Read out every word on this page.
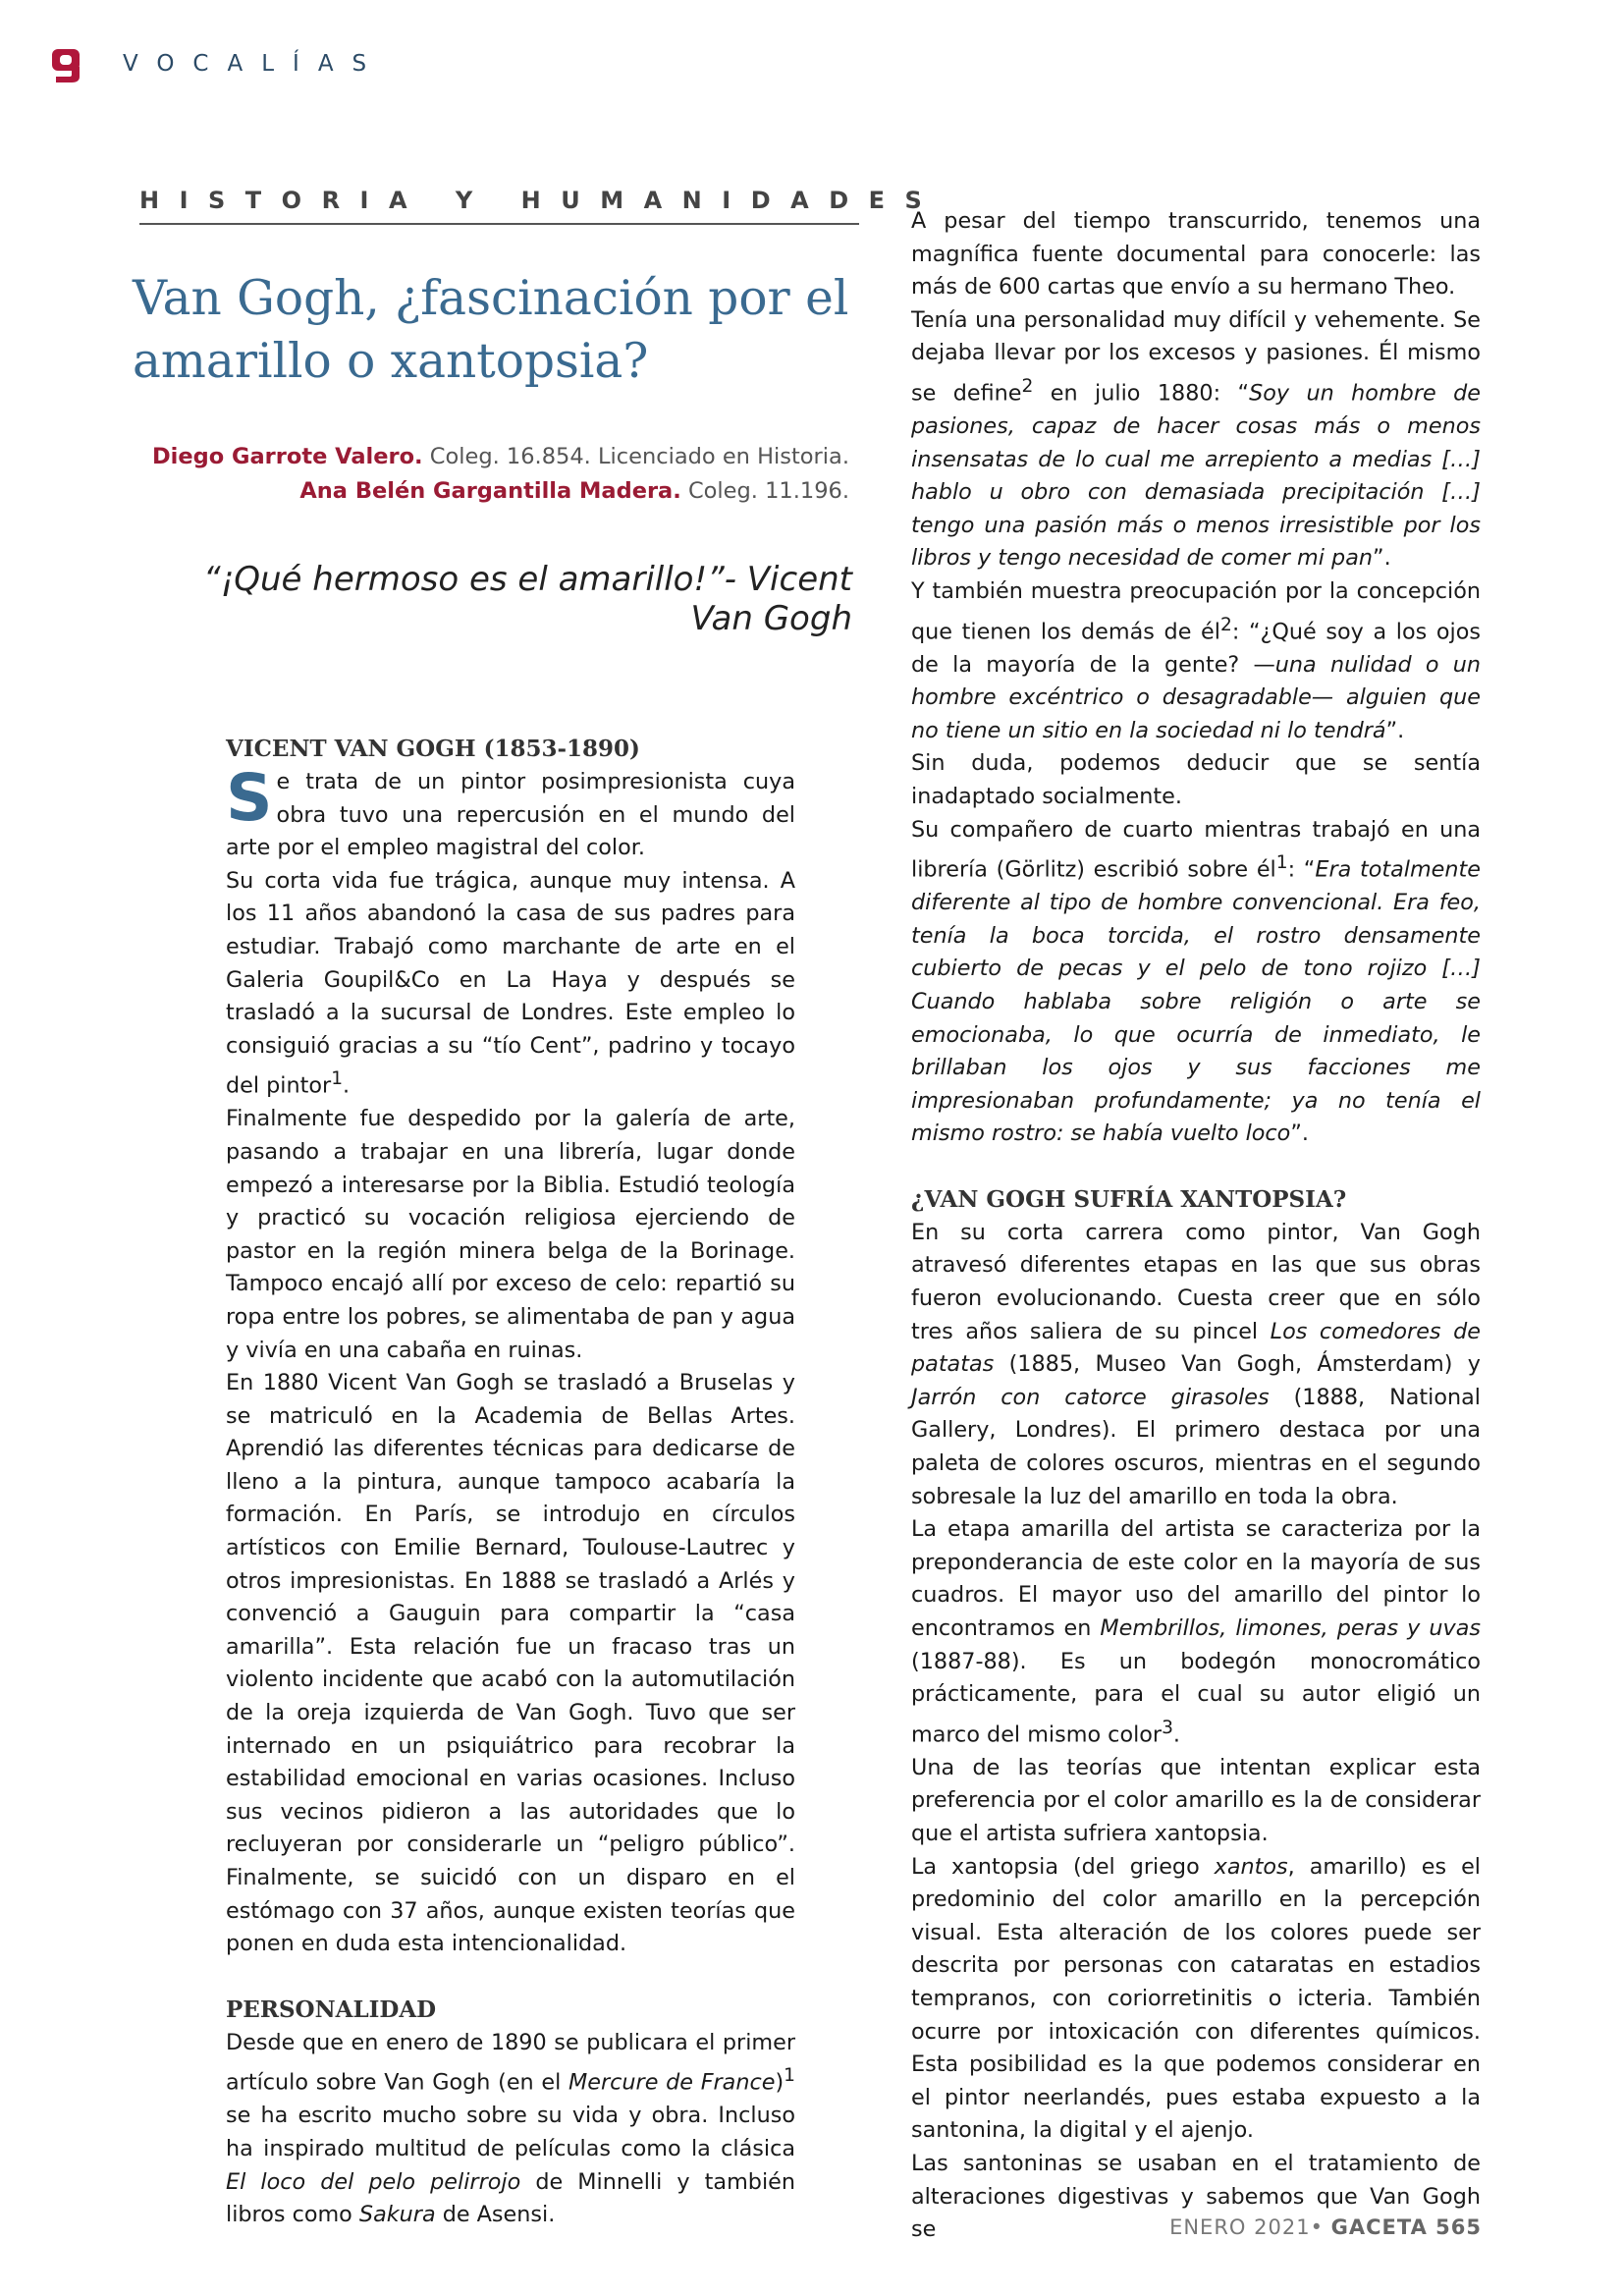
VOCALÍAS
HISTORIA Y HUMANIDADES
Van Gogh, ¿fascinación por el amarillo o xantopsia?
Diego Garrote Valero. Coleg. 16.854. Licenciado en Historia.
Ana Belén Gargantilla Madera. Coleg. 11.196.
“¡Qué hermoso es el amarillo!”- Vicent Van Gogh
VICENT VAN GOGH (1853-1890)

Se trata de un pintor posimpresionista cuya obra tuvo una repercusión en el mundo del arte por el empleo magistral del color.

Su corta vida fue trágica, aunque muy intensa. A los 11 años abandonó la casa de sus padres para estudiar. Trabajó como marchante de arte en el Galeria Goupil&Co en La Haya y después se trasladó a la sucursal de Londres. Este empleo lo consiguió gracias a su “tío Cent”, padrino y tocayo del pintor$^1$.

Finalmente fue despedido por la galería de arte, pasando a trabajar en una librería, lugar donde empezó a interesarse por la Biblia. Estudió teología y practicó su vocación religiosa ejerciendo de pastor en la región minera belga de la Borinage. Tampoco encajó allí por exceso de celo: repartió su ropa entre los pobres, se alimentaba de pan y agua y vivía en una cabaña en ruinas.

En 1880 Vicent Van Gogh se trasladó a Bruselas y se matriculó en la Academia de Bellas Artes. Aprendió las diferentes técnicas para dedicarse de lleno a la pintura, aunque tampoco acabaría la formación. En París, se introdujo en círculos artísticos con Emilie Bernard, Toulouse-Lautrec y otros impresionistas. En 1888 se trasladó a Arlés y convenció a Gauguin para compartir la “casa amarilla”. Esta relación fue un fracaso tras un violento incidente que acabó con la automutilación de la oreja izquierda de Van Gogh. Tuvo que ser internado en un psiquiátrico para recobrar la estabilidad emocional en varias ocasiones. Incluso sus vecinos pidieron a las autoridades que lo recluyeran por considerarle un “peligro público”. Finalmente, se suicidó con un disparo en el estómago con 37 años, aunque existen teorías que ponen en duda esta intencionalidad.

PERSONALIDAD

Desde que en enero de 1890 se publicara el primer artículo sobre Van Gogh (en el Mercure de France)$^1$ se ha escrito mucho sobre su vida y obra. Incluso ha inspirado multitud de películas como la clásica El loco del pelo pelirrojo de Minnelli y también libros como Sakura de Asensi.

A pesar del tiempo transcurrido, tenemos una magnífica fuente documental para conocerle: las más de 600 cartas que envío a su hermano Theo.

Tenía una personalidad muy difícil y vehemente. Se dejaba llevar por los excesos y pasiones. Él mismo se define$^2$ en julio 1880: “Soy un hombre de pasiones, capaz de hacer cosas más o menos insensatas de lo cual me arrepiento a medias […] hablo u obro con demasiada precipitación […] tengo una pasión más o menos irresistible por los libros y tengo necesidad de comer mi pan”.

Y también muestra preocupación por la concepción que tienen los demás de $él^2$: “¿Qué soy a los ojos de la mayoría de la gente? —una nulidad o un hombre excéntrico o desagradable— alguien que no tiene un sitio en la sociedad ni lo tendrá”.

Sin duda, podemos deducir que se sentía inadaptado socialmente.

Su compañero de cuarto mientras trabajó en una librería (Görlitz) escribió sobre $él^1$: “Era totalmente diferente al tipo de hombre convencional. Era feo, tenía la boca torcida, el rostro densamente cubierto de pecas y el pelo de tono rojizo […] Cuando hablaba sobre religión o arte se emocionaba, lo que ocurría de inmediato, le brillaban los ojos y sus facciones me impresionaban profundamente; ya no tenía el mismo rostro: se había vuelto loco”.

¿VAN GOGH SUFRÍA XANTOPSIA?

En su corta carrera como pintor, Van Gogh atravesó diferentes etapas en las que sus obras fueron evolucionando. Cuesta creer que en sólo tres años saliera de su pincel Los comedores de patatas (1885, Museo Van Gogh, Ámsterdam) y Jarrón con catorce girasoles (1888, National Gallery, Londres). El primero destaca por una paleta de colores oscuros, mientras en el segundo sobresale la luz del amarillo en toda la obra.

La etapa amarilla del artista se caracteriza por la preponderancia de este color en la mayoría de sus cuadros. El mayor uso del amarillo del pintor lo encontramos en Membrillos, limones, peras y uvas (1887-88). Es un bodegón monocromático prácticamente, para el cual su autor eligió un marco del mismo color$^3$.

Una de las teorías que intentan explicar esta preferencia por el color amarillo es la de considerar que el artista sufriera xantopsia.

La xantopsia (del griego xantos, amarillo) es el predominio del color amarillo en la percepción visual. Esta alteración de los colores puede ser descrita por personas con cataratas en estadios tempranos, con coriorretinitis o icteria. También ocurre por intoxicación con diferentes químicos. Esta posibilidad es la que podemos considerar en el pintor neerlandés, pues estaba expuesto a la santonina, la digital y el ajenjo.

Las santoninas se usaban en el tratamiento de alteraciones digestivas y sabemos que Van Gogh se	ENERO 2021• GACETA 565
